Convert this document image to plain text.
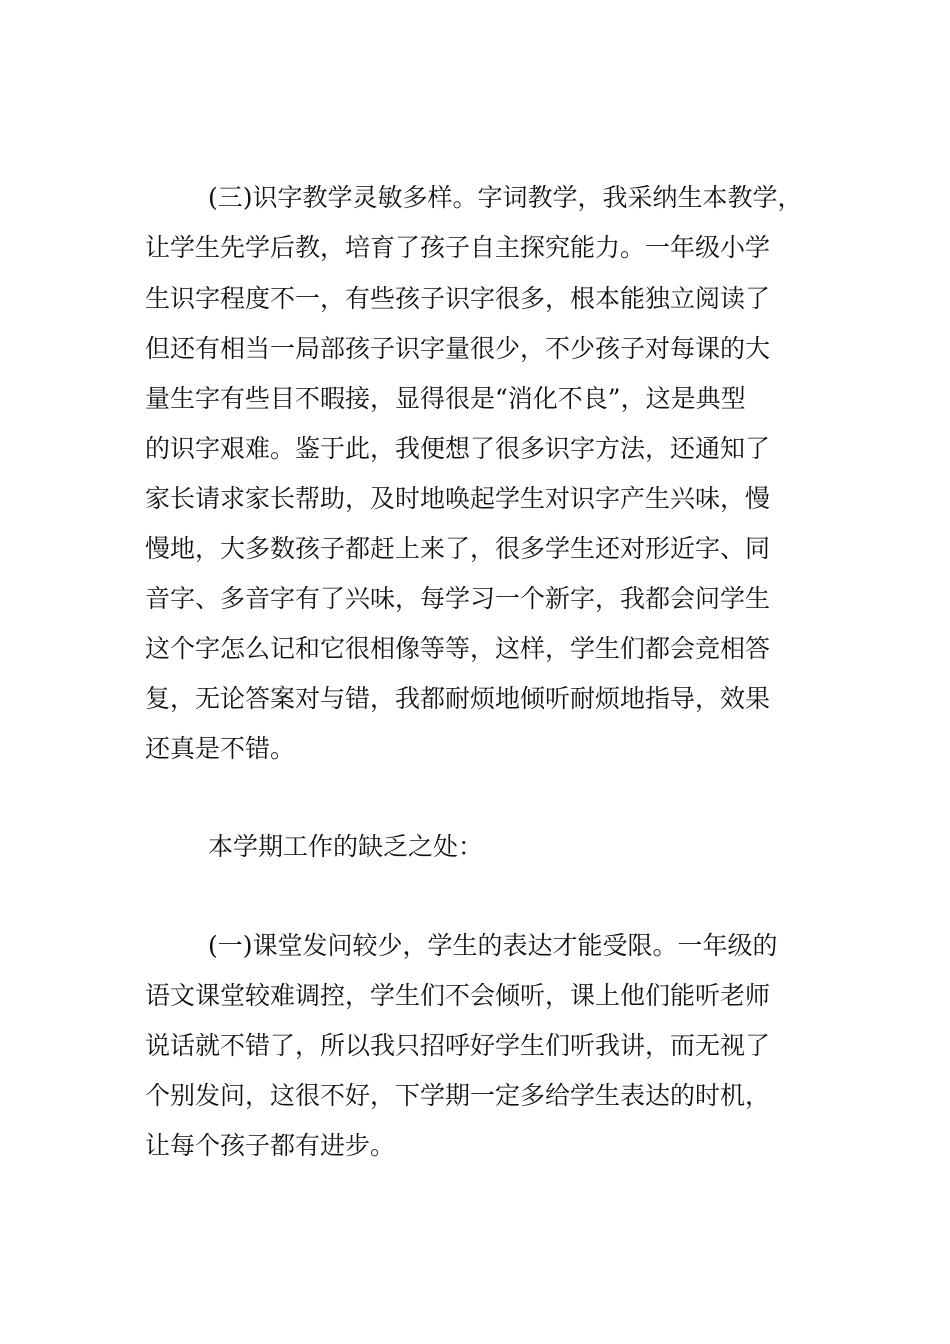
(三)识字教学灵敏多样。字词教学，我采纳生本教学，
让学生先学后教，培育了孩子自主探究能力。一年级小学
生识字程度不一，有些孩子识字很多，根本能独立阅读了
但还有相当一局部孩子识字量很少，不少孩子对每课的大
量生字有些目不暇接，显得很是“消化不良”，这是典型
的识字艰难。鉴于此，我便想了很多识字方法，还通知了
家长请求家长帮助，及时地唤起学生对识字产生兴味，慢
慢地，大多数孩子都赶上来了，很多学生还对形近字、同
音字、多音字有了兴味，每学习一个新字，我都会问学生
这个字怎么记和它很相像等等，这样，学生们都会竞相答
复，无论答案对与错，我都耐烦地倾听耐烦地指导，效果
还真是不错。
本学期工作的缺乏之处：
(一)课堂发问较少，学生的表达才能受限。一年级的
语文课堂较难调控，学生们不会倾听，课上他们能听老师
说话就不错了，所以我只招呼好学生们听我讲，而无视了
个别发问，这很不好，下学期一定多给学生表达的时机，
让每个孩子都有进步。
